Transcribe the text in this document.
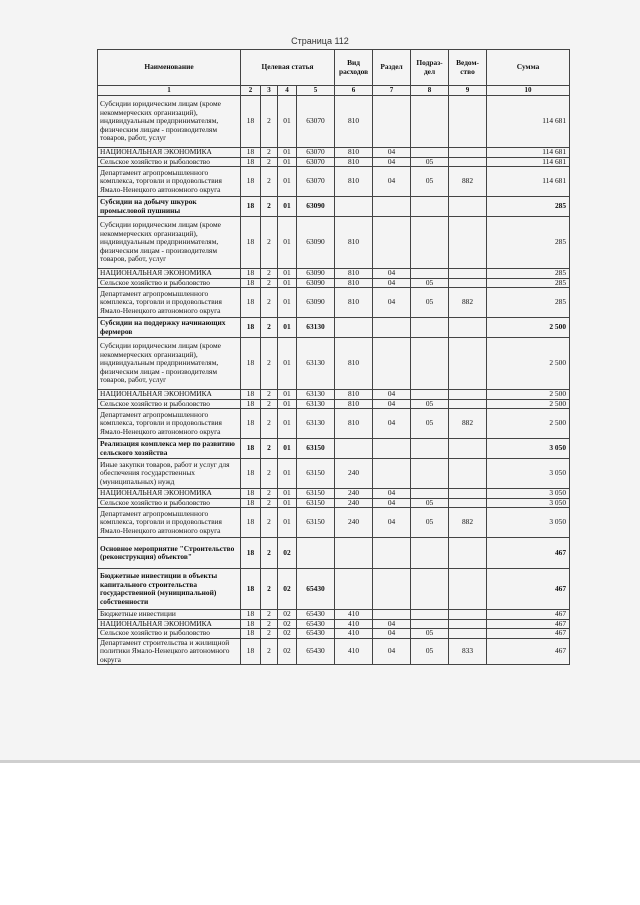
Страница 112
Наименование	Целевая статья				Вид расходов	Раздел	Подраз-дел	Ведом-ство	Сумма
1	2	3	4	5	6	7	8	9	10
Субсидии юридическим лицам (кроме некоммерческих организаций), индивидуальным предпринимателям, физическим лицам - производителям товаров, работ, услуг	18	2	01	63070	810				114 681
НАЦИОНАЛЬНАЯ ЭКОНОМИКА	18	2	01	63070	810	04			114 681
Сельское хозяйство и рыболовство	18	2	01	63070	810	04	05		114 681
Департамент агропромышленного комплекса, торговли и продовольствия Ямало-Ненецкого автономного округа	18	2	01	63070	810	04	05	882	114 681
Субсидии на добычу шкурок промысловой пушнины	18	2	01	63090					285
Субсидии юридическим лицам (кроме некоммерческих организаций), индивидуальным предпринимателям, физическим лицам - производителям товаров, работ, услуг	18	2	01	63090	810				285
НАЦИОНАЛЬНАЯ ЭКОНОМИКА	18	2	01	63090	810	04			285
Сельское хозяйство и рыболовство	18	2	01	63090	810	04	05		285
Департамент агропромышленного комплекса, торговли и продовольствия Ямало-Ненецкого автономного округа	18	2	01	63090	810	04	05	882	285
Субсидии на поддержку начинающих фермеров	18	2	01	63130					2 500
Субсидии юридическим лицам (кроме некоммерческих организаций), индивидуальным предпринимателям, физическим лицам - производителям товаров, работ, услуг	18	2	01	63130	810				2 500
НАЦИОНАЛЬНАЯ ЭКОНОМИКА	18	2	01	63130	810	04			2 500
Сельское хозяйство и рыболовство	18	2	01	63130	810	04	05		2 500
Департамент агропромышленного комплекса, торговли и продовольствия Ямало-Ненецкого автономного округа	18	2	01	63130	810	04	05	882	2 500
Реализация комплекса мер по развитию сельского хозяйства	18	2	01	63150					3 050
Иные закупки товаров, работ и услуг для обеспечения государственных (муниципальных) нужд	18	2	01	63150	240				3 050
НАЦИОНАЛЬНАЯ ЭКОНОМИКА	18	2	01	63150	240	04			3 050
Сельское хозяйство и рыболовство	18	2	01	63150	240	04	05		3 050
Департамент агропромышленного комплекса, торговли и продовольствия Ямало-Ненецкого автономного округа	18	2	01	63150	240	04	05	882	3 050
Основное мероприятие "Строительство (реконструкция) объектов"	18	2	02						467
Бюджетные инвестиции в объекты капитального строительства государственной (муниципальной) собственности	18	2	02	65430					467
Бюджетные инвестиции	18	2	02	65430	410				467
НАЦИОНАЛЬНАЯ ЭКОНОМИКА	18	2	02	65430	410	04			467
Сельское хозяйство и рыболовство	18	2	02	65430	410	04	05		467
Департамент строительства и жилищной политики Ямало-Ненецкого автономного округа	18	2	02	65430	410	04	05	833	467
